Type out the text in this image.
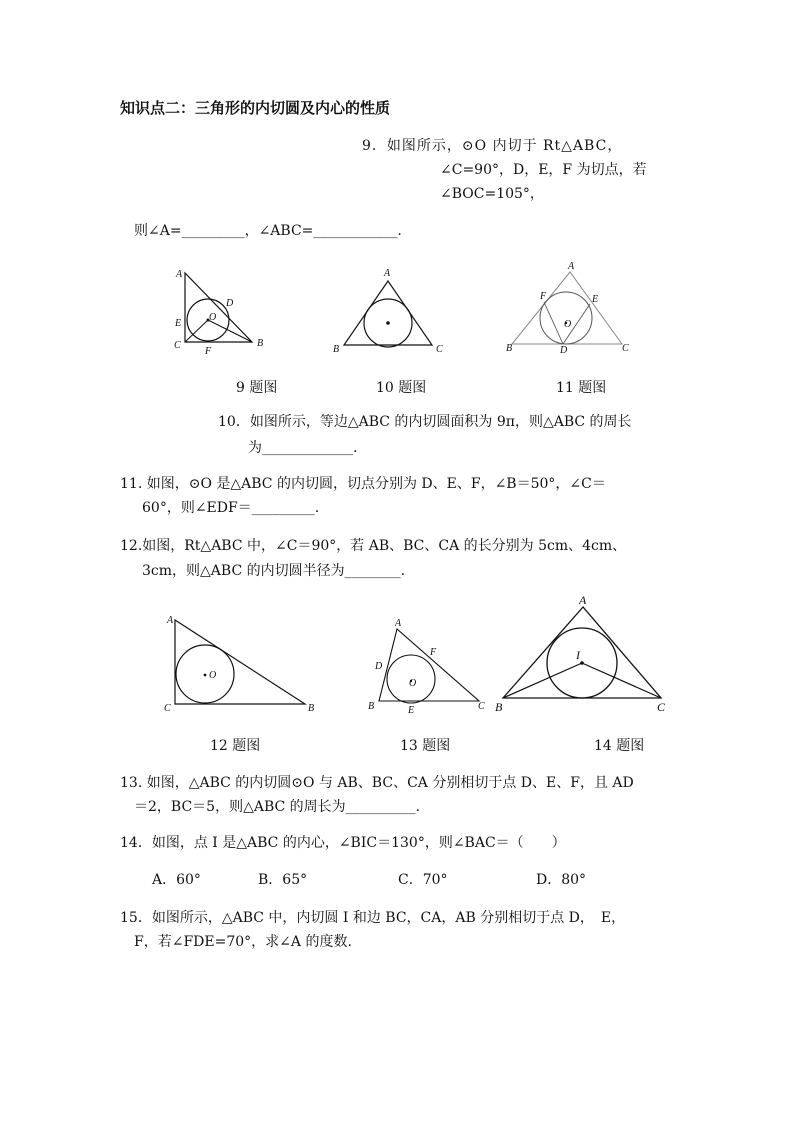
知识点二：三角形的内切圆及内心的性质
9．如图所示，⊙O 内切于 Rt△ABC，
∠C=90°，D，E，F 为切点，若
∠BOC=105°，
则∠A=_________，∠ABC=____________.
A
D
O
E
C
F
B
A
B	C
A
F	E
O
B	D	C
9 题图	10 题图	11 题图
10．如图所示，等边△ABC 的内切圆面积为 9π，则△ABC 的周长
为_____________.
11. 如图，⊙O 是△ABC 的内切圆，切点分别为 D、E、F，∠B＝50°，∠C＝
60°，则∠EDF＝_________.
12.如图，Rt△ABC 中，∠C＝90°，若 AB、BC、CA 的长分别为 5cm、4cm、
3cm，则△ABC 的内切圆半径为________.
A
O
C	B
A
F
D
O
B	E	C
A
I
B	C
12 题图	13 题图	14 题图
13. 如图，△ABC 的内切圆⊙O 与 AB、BC、CA 分别相切于点 D、E、F，且 AD
＝2，BC＝5，则△ABC 的周长为__________.
14．如图，点 I 是△ABC 的内心，∠BIC＝130°，则∠BAC＝（　　）
A．60°	B．65°	C．70°	D．80°
15．如图所示，△ABC 中，内切圆 I 和边 BC，CA，AB 分别相切于点 D，　E，
F，若∠FDE=70°，求∠A 的度数.
